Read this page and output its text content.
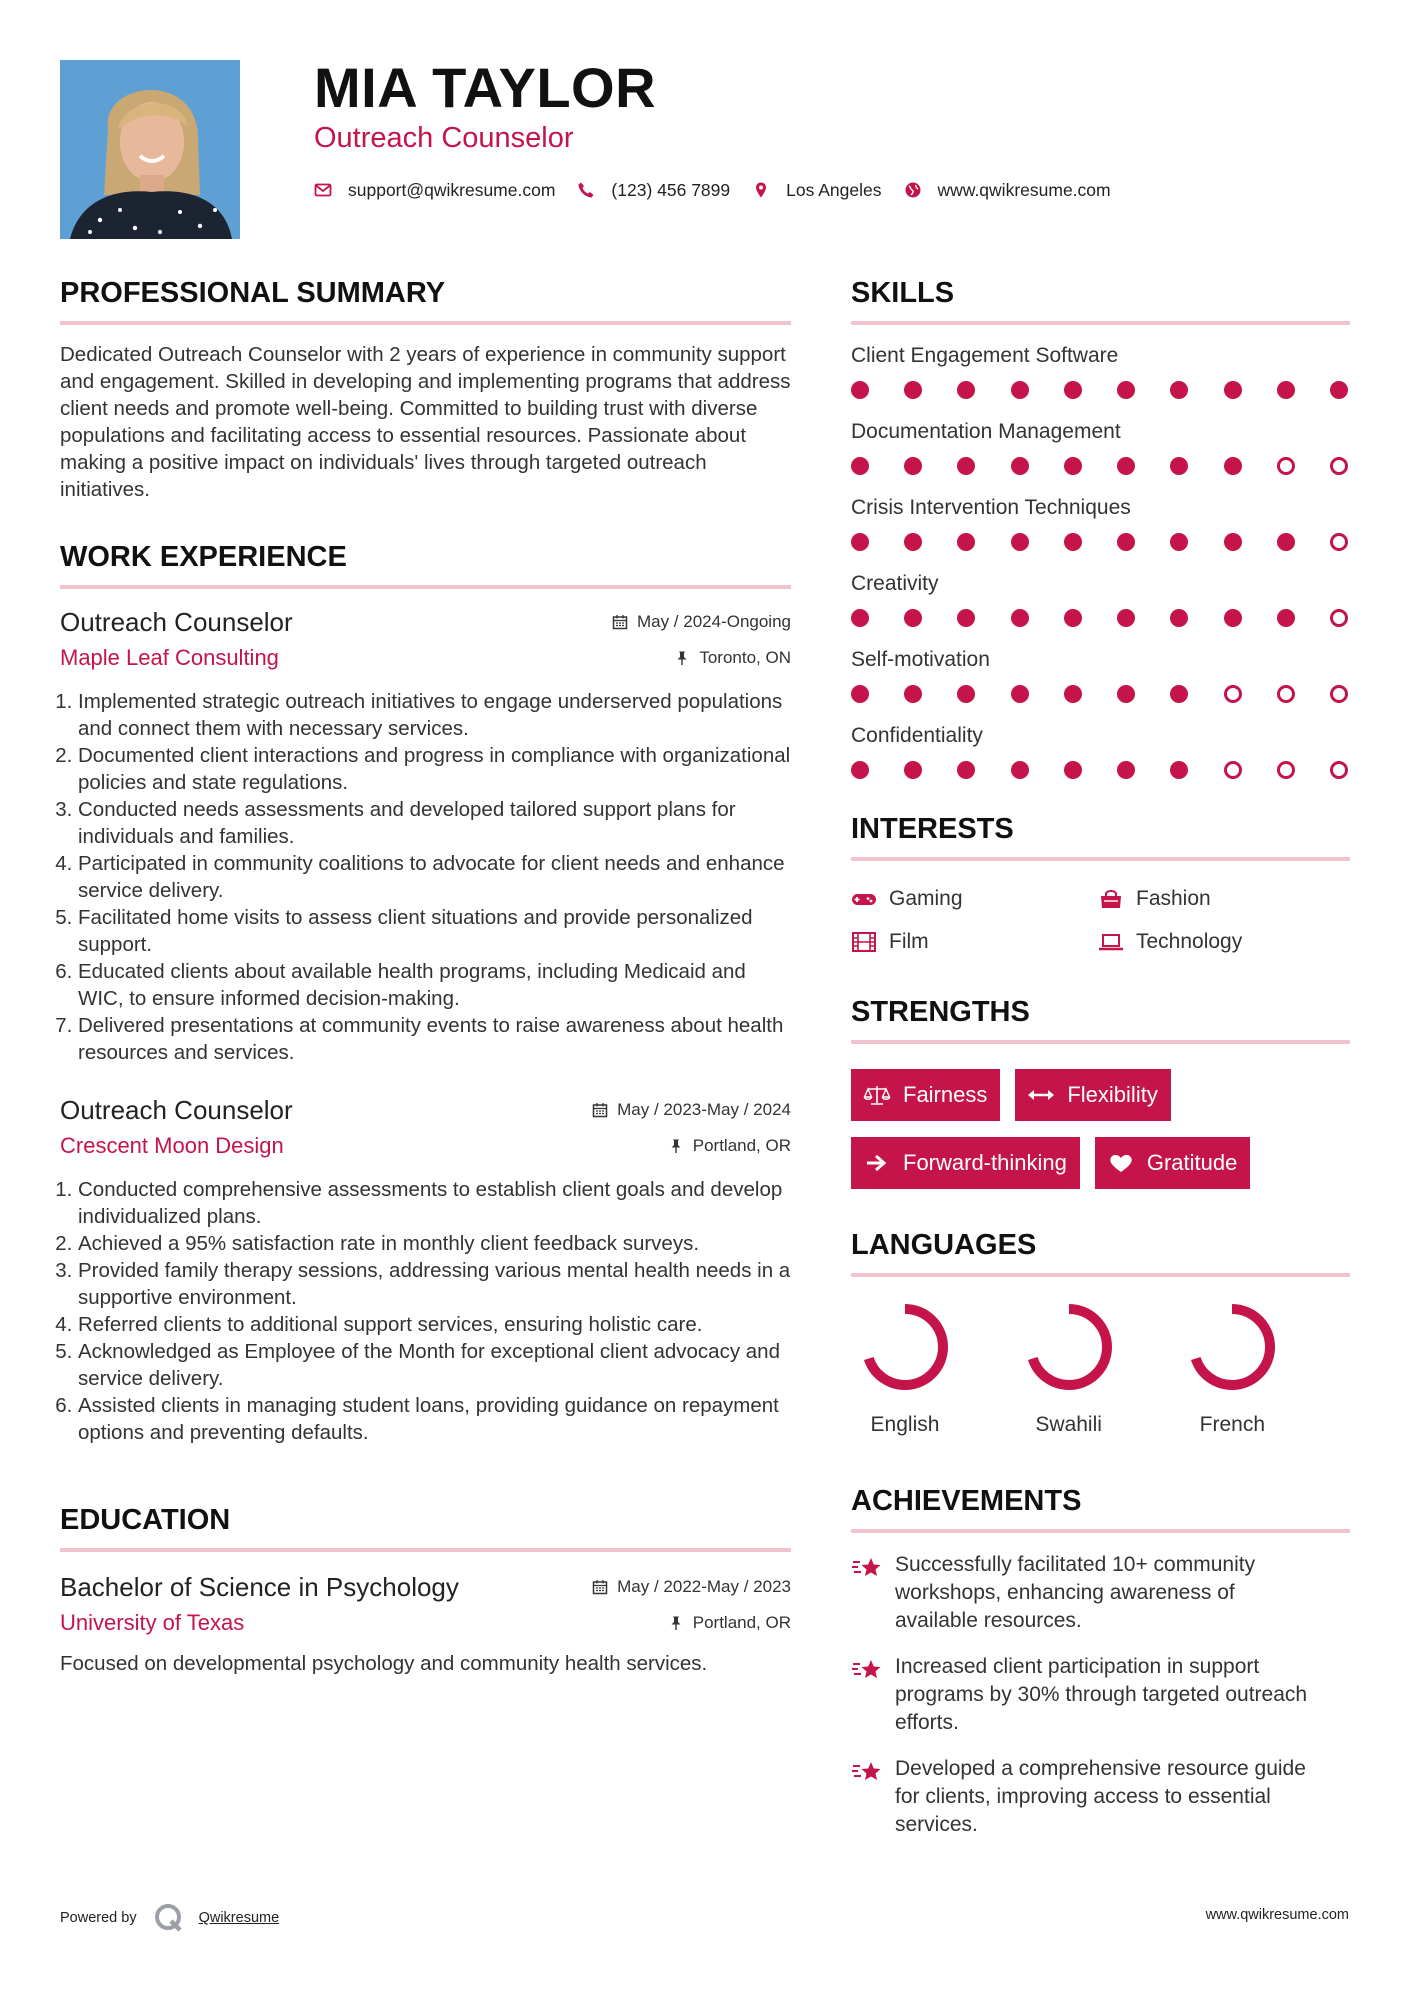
MIA TAYLOR
Outreach Counselor
support@qwikresume.com	(123) 456 7899	Los Angeles	www.qwikresume.com
PROFESSIONAL SUMMARY

Dedicated Outreach Counselor with 2 years of experience in community support and engagement. Skilled in developing and implementing programs that address client needs and promote well-being. Committed to building trust with diverse populations and facilitating access to essential resources. Passionate about making a positive impact on individuals' lives through targeted outreach initiatives.

WORK EXPERIENCE
Outreach Counselor	May / 2024-Ongoing
Maple Leaf Consulting	Toronto, ON
1. Implemented strategic outreach initiatives to engage underserved populations and connect them with necessary services.
2. Documented client interactions and progress in compliance with organizational policies and state regulations.
3. Conducted needs assessments and developed tailored support plans for individuals and families.
4. Participated in community coalitions to advocate for client needs and enhance service delivery.
5. Facilitated home visits to assess client situations and provide personalized support.
6. Educated clients about available health programs, including Medicaid and WIC, to ensure informed decision-making.
7. Delivered presentations at community events to raise awareness about health resources and services.
Outreach Counselor	May / 2023-May / 2024
Crescent Moon Design	Portland, OR
1. Conducted comprehensive assessments to establish client goals and develop individualized plans.
2. Achieved a 95% satisfaction rate in monthly client feedback surveys.
3. Provided family therapy sessions, addressing various mental health needs in a supportive environment.
4. Referred clients to additional support services, ensuring holistic care.
5. Acknowledged as Employee of the Month for exceptional client advocacy and service delivery.
6. Assisted clients in managing student loans, providing guidance on repayment options and preventing defaults.
EDUCATION
Bachelor of Science in Psychology	May / 2022-May / 2023
University of Texas	Portland, OR

Focused on developmental psychology and community health services.

SKILLS
Client Engagement Software
Documentation Management
Crisis Intervention Techniques
Creativity
Self-motivation
Confidentiality
INTERESTS
Gaming	Fashion
Film	Technology
STRENGTHS
Fairness	Flexibility
Forward-thinking	Gratitude
LANGUAGES
English	Swahili	French
ACHIEVEMENTS
Successfully facilitated 10+ community workshops, enhancing awareness of available resources.
Increased client participation in support programs by 30% through targeted outreach efforts.
Developed a comprehensive resource guide for clients, improving access to essential services.
Powered by	Qwikresume	www.qwikresume.com
